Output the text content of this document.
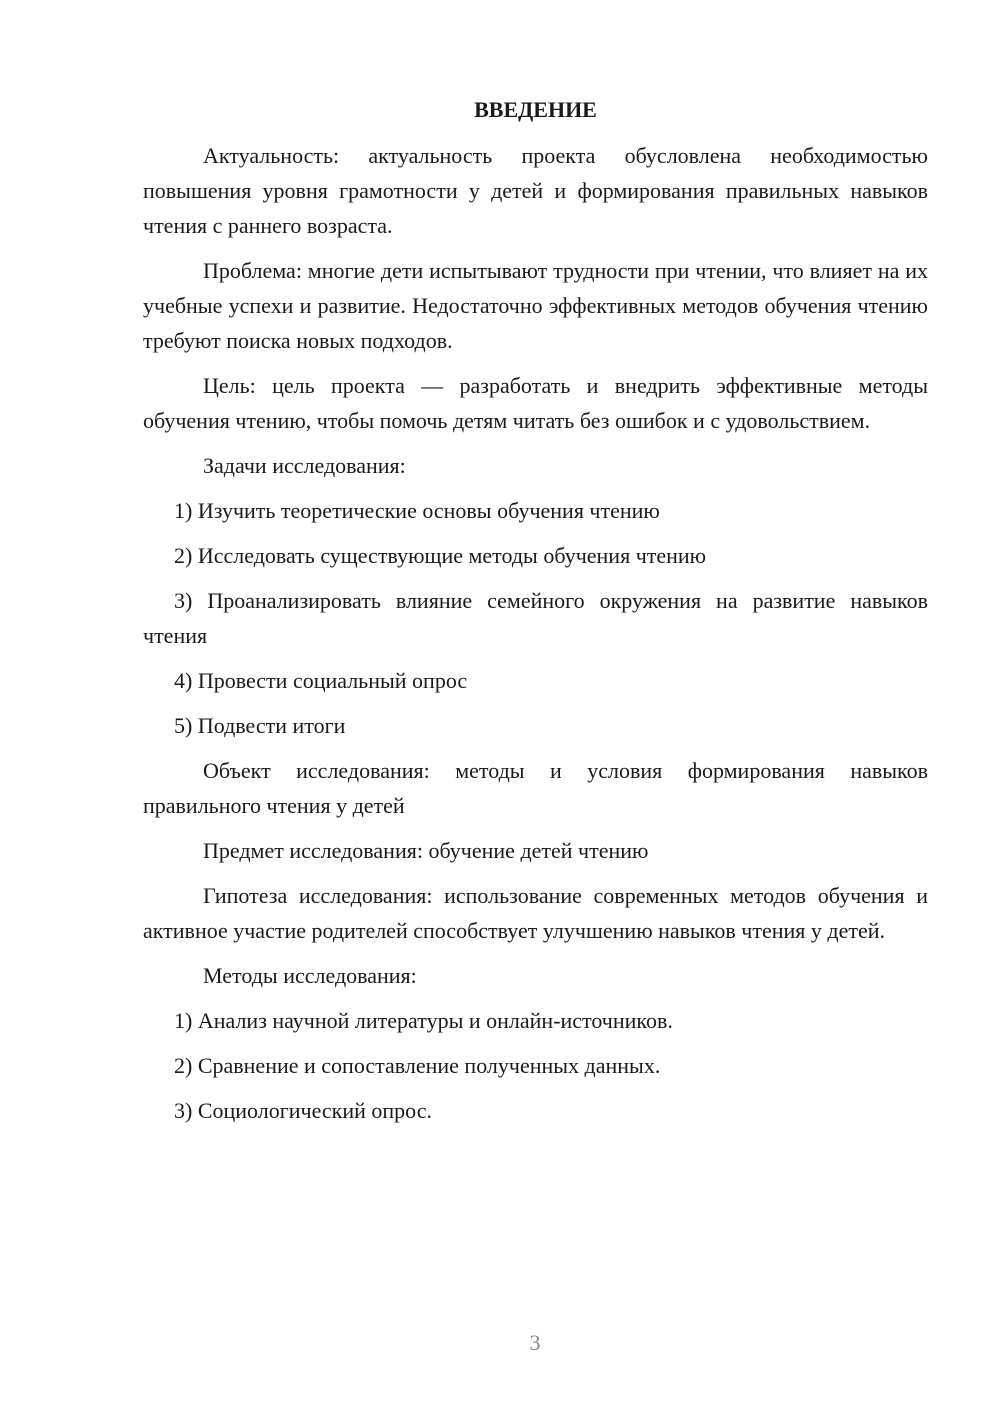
ВВЕДЕНИЕ

Актуальность: актуальность проекта обусловлена необходимостью повышения уровня грамотности у детей и формирования правильных навыков чтения с раннего возраста.

Проблема: многие дети испытывают трудности при чтении, что влияет на их учебные успехи и развитие. Недостаточно эффективных методов обучения чтению требуют поиска новых подходов.

Цель: цель проекта — разработать и внедрить эффективные методы обучения чтению, чтобы помочь детям читать без ошибок и с удовольствием.

Задачи исследования:

1) Изучить теоретические основы обучения чтению

2) Исследовать существующие методы обучения чтению

3) Проанализировать влияние семейного окружения на развитие навыков чтения

4) Провести социальный опрос

5) Подвести итоги

Объект исследования: методы и условия формирования навыков правильного чтения у детей

Предмет исследования: обучение детей чтению

Гипотеза исследования: использование современных методов обучения и активное участие родителей способствует улучшению навыков чтения у детей.

Методы исследования:

1) Анализ научной литературы и онлайн-источников.

2) Сравнение и сопоставление полученных данных.

3) Социологический опрос.

3
